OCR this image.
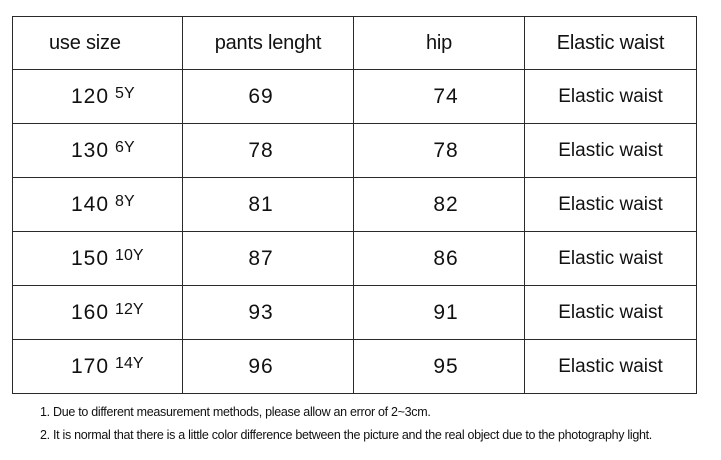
use size	pants lenght	hip	Elastic waist
120 5Y	69	74	Elastic waist
130 6Y	78	78	Elastic waist
140 8Y	81	82	Elastic waist
150 10Y	87	86	Elastic waist
160 12Y	93	91	Elastic waist
170 14Y	96	95	Elastic waist
1. Due to different measurement methods, please allow an error of 2~3cm.
2. It is normal that there is a little color difference between the picture and the real object due to the photography light.
